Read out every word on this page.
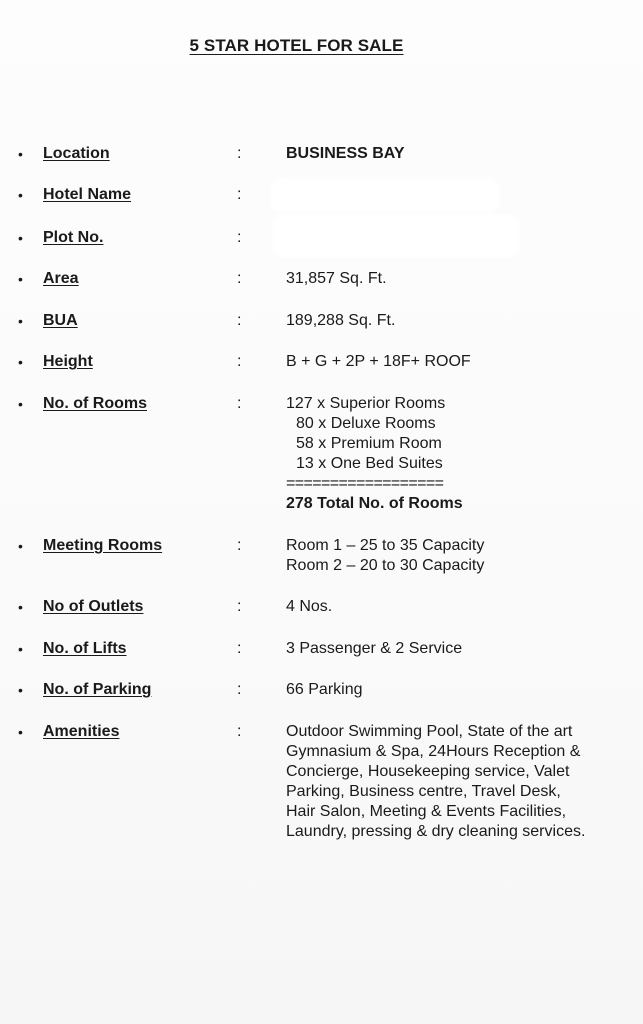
5 STAR HOTEL FOR SALE
• Location	:	BUSINESS BAY
• Hotel Name	:
• Plot No.	:
• Area	:	31,857 Sq. Ft.
• BUA	:	189,288 Sq. Ft.
• Height	:	B + G + 2P + 18F+ ROOF
• No. of Rooms	:	127 x Superior Rooms
80 x Deluxe Rooms
58 x Premium Room
13 x One Bed Suites
==================
278 Total No. of Rooms
• Meeting Rooms	:	Room 1 – 25 to 35 Capacity
Room 2 – 20 to 30 Capacity
• No of Outlets	:	4 Nos.
• No. of Lifts	:	3 Passenger & 2 Service
• No. of Parking	:	66 Parking
• Amenities	:	Outdoor Swimming Pool, State of the art
Gymnasium & Spa, 24Hours Reception &
Concierge, Housekeeping service, Valet
Parking, Business centre, Travel Desk,
Hair Salon, Meeting & Events Facilities,
Laundry, pressing & dry cleaning services.
